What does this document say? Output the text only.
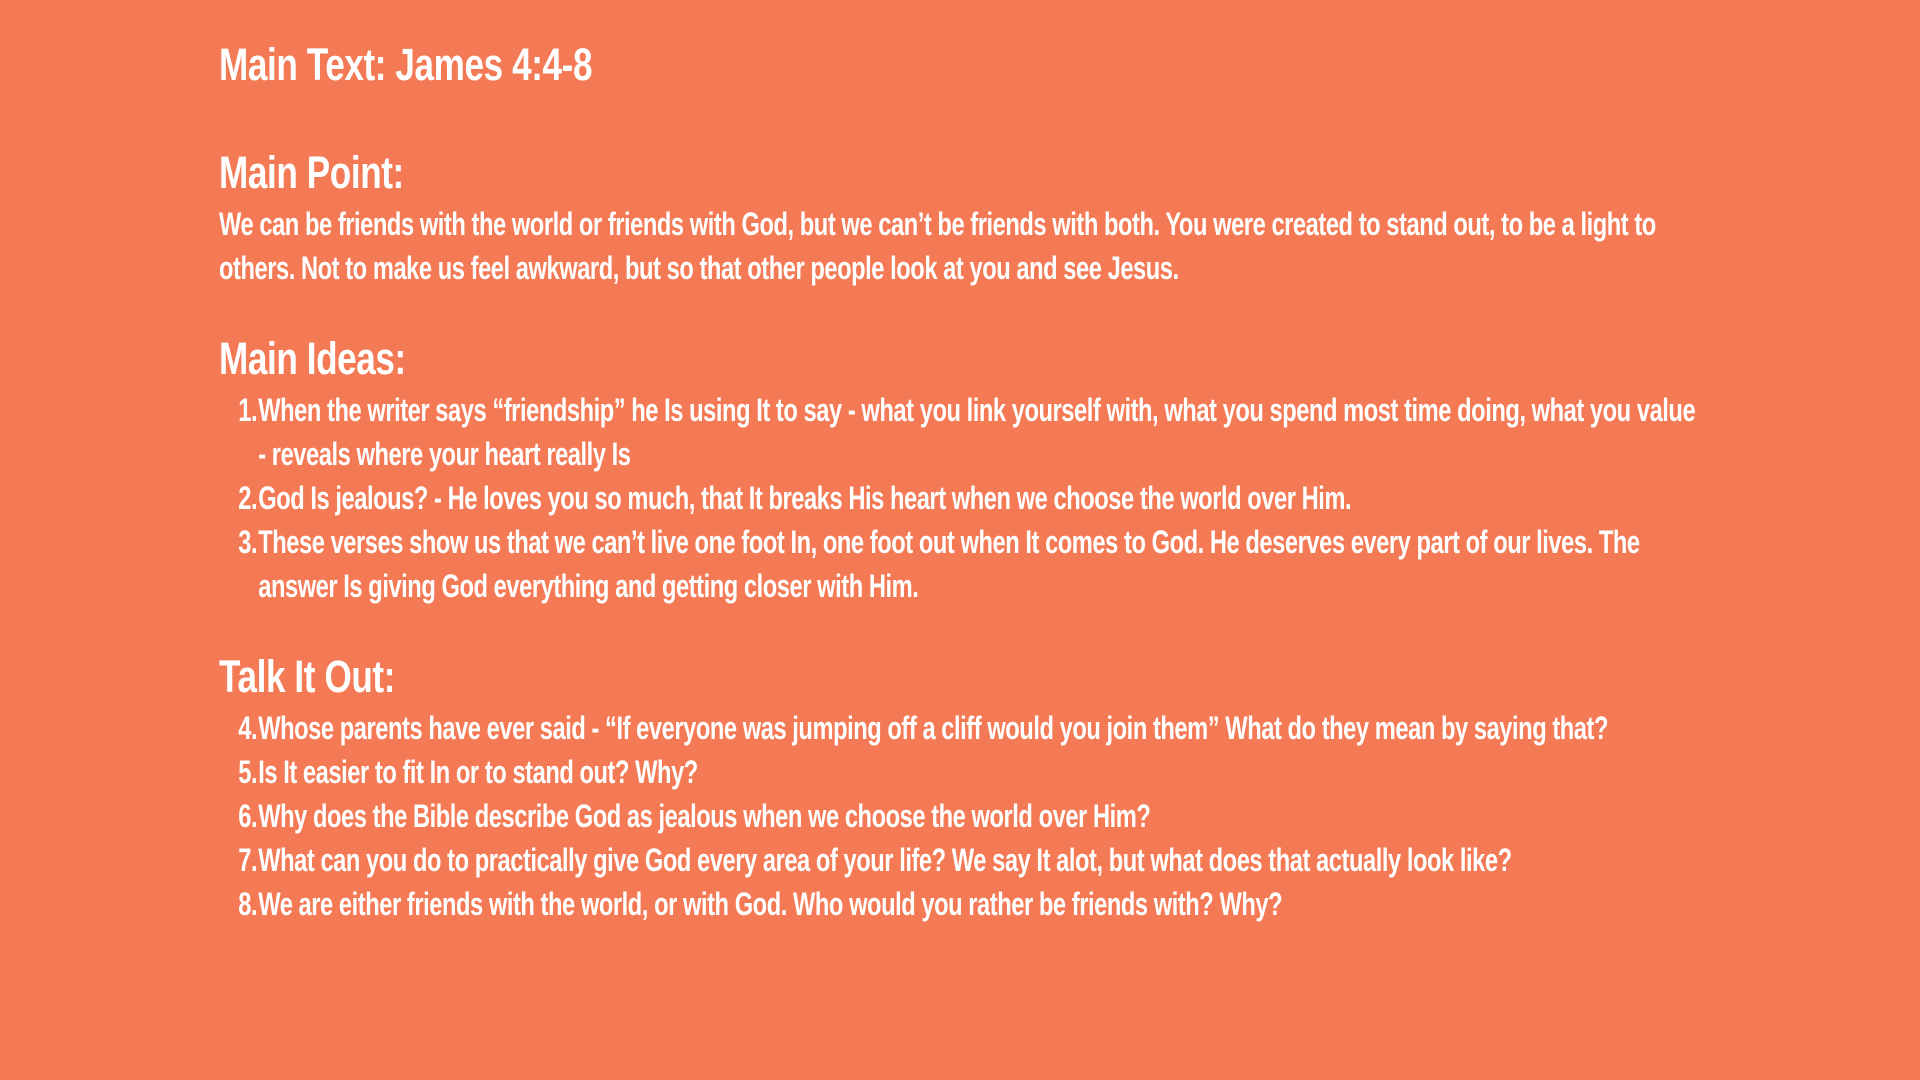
Main Text: James 4:4-8
Main Point:
We can be friends with the world or friends with God, but we can’t be friends with both. You were created to stand out, to be a light to others. Not to make us feel awkward, but so that other people look at you and see Jesus.
Main Ideas:
1. When the writer says “friendship” he Is using It to say - what you link yourself with, what you spend most time doing, what you value - reveals where your heart really Is
2. God Is jealous? - He loves you so much, that It breaks His heart when we choose the world over Him.
3. These verses show us that we can’t live one foot In, one foot out when It comes to God. He deserves every part of our lives. The answer Is giving God everything and getting closer with Him.
Talk It Out:
4. Whose parents have ever said - “If everyone was jumping off a cliff would you join them” What do they mean by saying that?
5. Is It easier to fit In or to stand out? Why?
6. Why does the Bible describe God as jealous when we choose the world over Him?
7. What can you do to practically give God every area of your life? We say It alot, but what does that actually look like?
8. We are either friends with the world, or with God. Who would you rather be friends with? Why?
